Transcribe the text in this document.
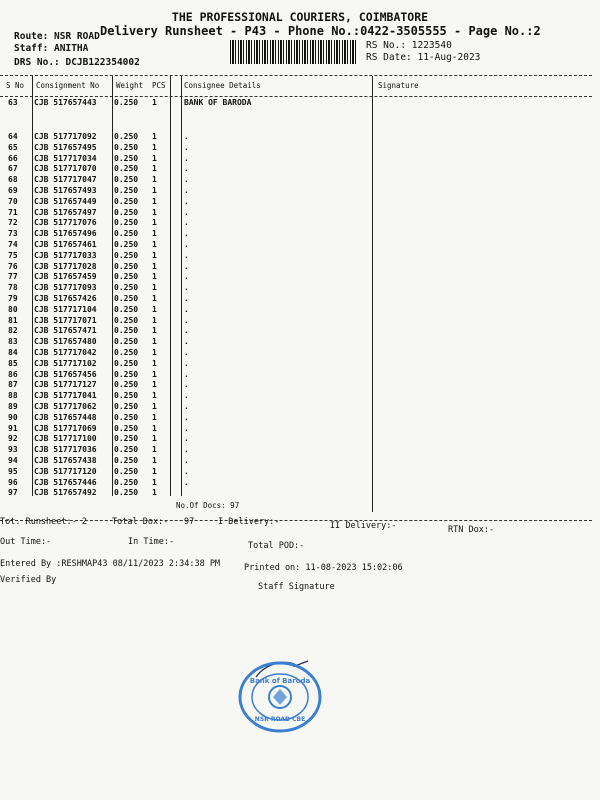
THE PROFESSIONAL COURIERS, COIMBATORE
Delivery Runsheet - P43 - Phone No.:0422-3505555 - Page No.:2
Route: NSR ROAD
Staff: ANITHA
DRS No.: DCJB122354002
RS No.: 1223540
RS Date: 11-Aug-2023
S No Consignment No Weight PCS Consignee Details	Signature
63 CJB 517657443 0.250 1	BANK OF BARODA
64 CJB 517717092 0.250 1	.
65 CJB 517657495 0.250 1	.
66 CJB 517717034 0.250 1	.
67 CJB 517717070 0.250 1	.
68 CJB 517717047 0.250 1	.
69 CJB 517657493 0.250 1	.
70 CJB 517657449 0.250 1	.
71 CJB 517657497 0.250 1	.
72 CJB 517717076 0.250 1	.
73 CJB 517657496 0.250 1	.
74 CJB 517657461 0.250 1	.
75 CJB 517717033 0.250 1	.
76 CJB 517717028 0.250 1	.
77 CJB 517657459 0.250 1	.
78 CJB 517717093 0.250 1	.
79 CJB 517657426 0.250 1	.
80 CJB 517717104 0.250 1	.
81 CJB 517717071 0.250 1	.
82 CJB 517657471 0.250 1	.
83 CJB 517657480 0.250 1	.
84 CJB 517717042 0.250 1	.
85 CJB 517717102 0.250 1	.
86 CJB 517657456 0.250 1	.
87 CJB 517717127 0.250 1	.
88 CJB 517717041 0.250 1	.
89 CJB 517717062 0.250 1	.
90 CJB 517657448 0.250 1	.
91 CJB 517717069 0.250 1	.
92 CJB 517717100 0.250 1	.
93 CJB 517717036 0.250 1	.
94 CJB 517657438 0.250 1	.
95 CJB 517717120 0.250 1	.
96 CJB 517657446 0.250 1	.
97 CJB 517657492 0.250 1
No.Of Docs: 97
Tot. Runsheet:- 2	Total Dox:- 97	I Delivery:-	II Delivery:-	RTN Dox:-
Out Time:-	In Time:-	Total POD:-
Entered By :RESHMAP43 08/11/2023 2:34:38 PM	Printed on: 11-08-2023 15:02:06
Verified By
Staff Signature
Bank of Baroda
NSR ROAD CBE
